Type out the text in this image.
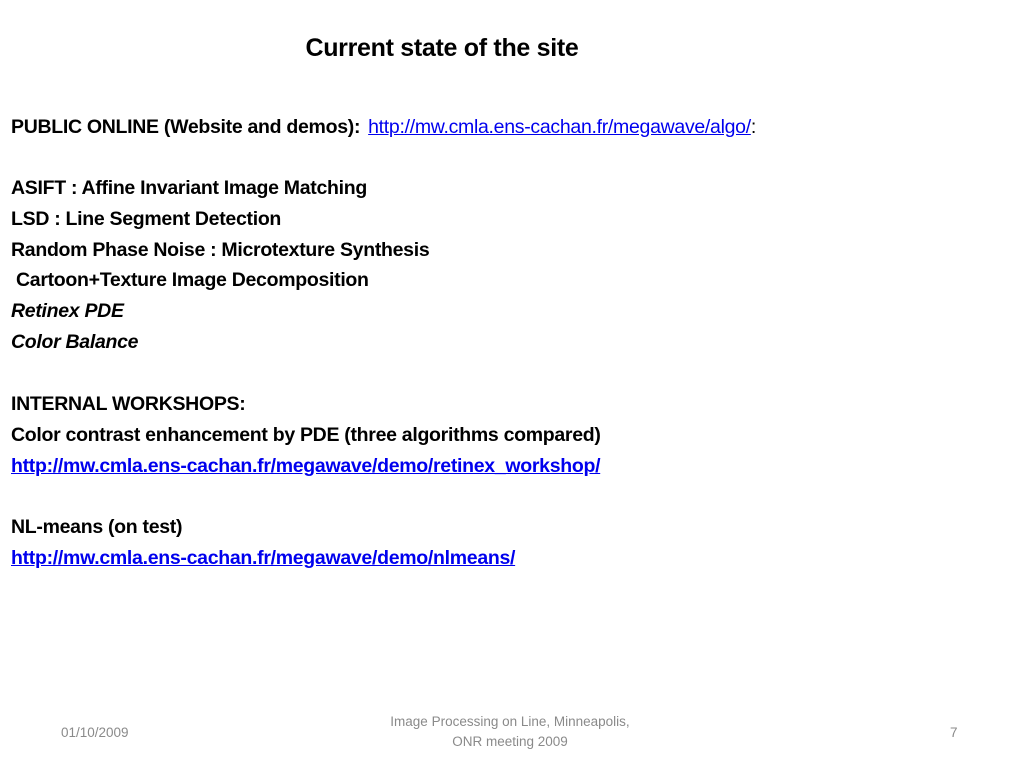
Current state of the site
PUBLIC ONLINE (Website and demos): http://mw.cmla.ens-cachan.fr/megawave/algo/:
ASIFT : Affine Invariant Image Matching
LSD : Line Segment Detection
Random Phase Noise : Microtexture Synthesis
Cartoon+Texture Image Decomposition
Retinex PDE
Color Balance
INTERNAL WORKSHOPS:
Color contrast enhancement by PDE (three algorithms compared)
http://mw.cmla.ens-cachan.fr/megawave/demo/retinex_workshop/
NL-means (on test)
http://mw.cmla.ens-cachan.fr/megawave/demo/nlmeans/
01/10/2009
Image Processing on Line, Minneapolis,
ONR meeting 2009
7
